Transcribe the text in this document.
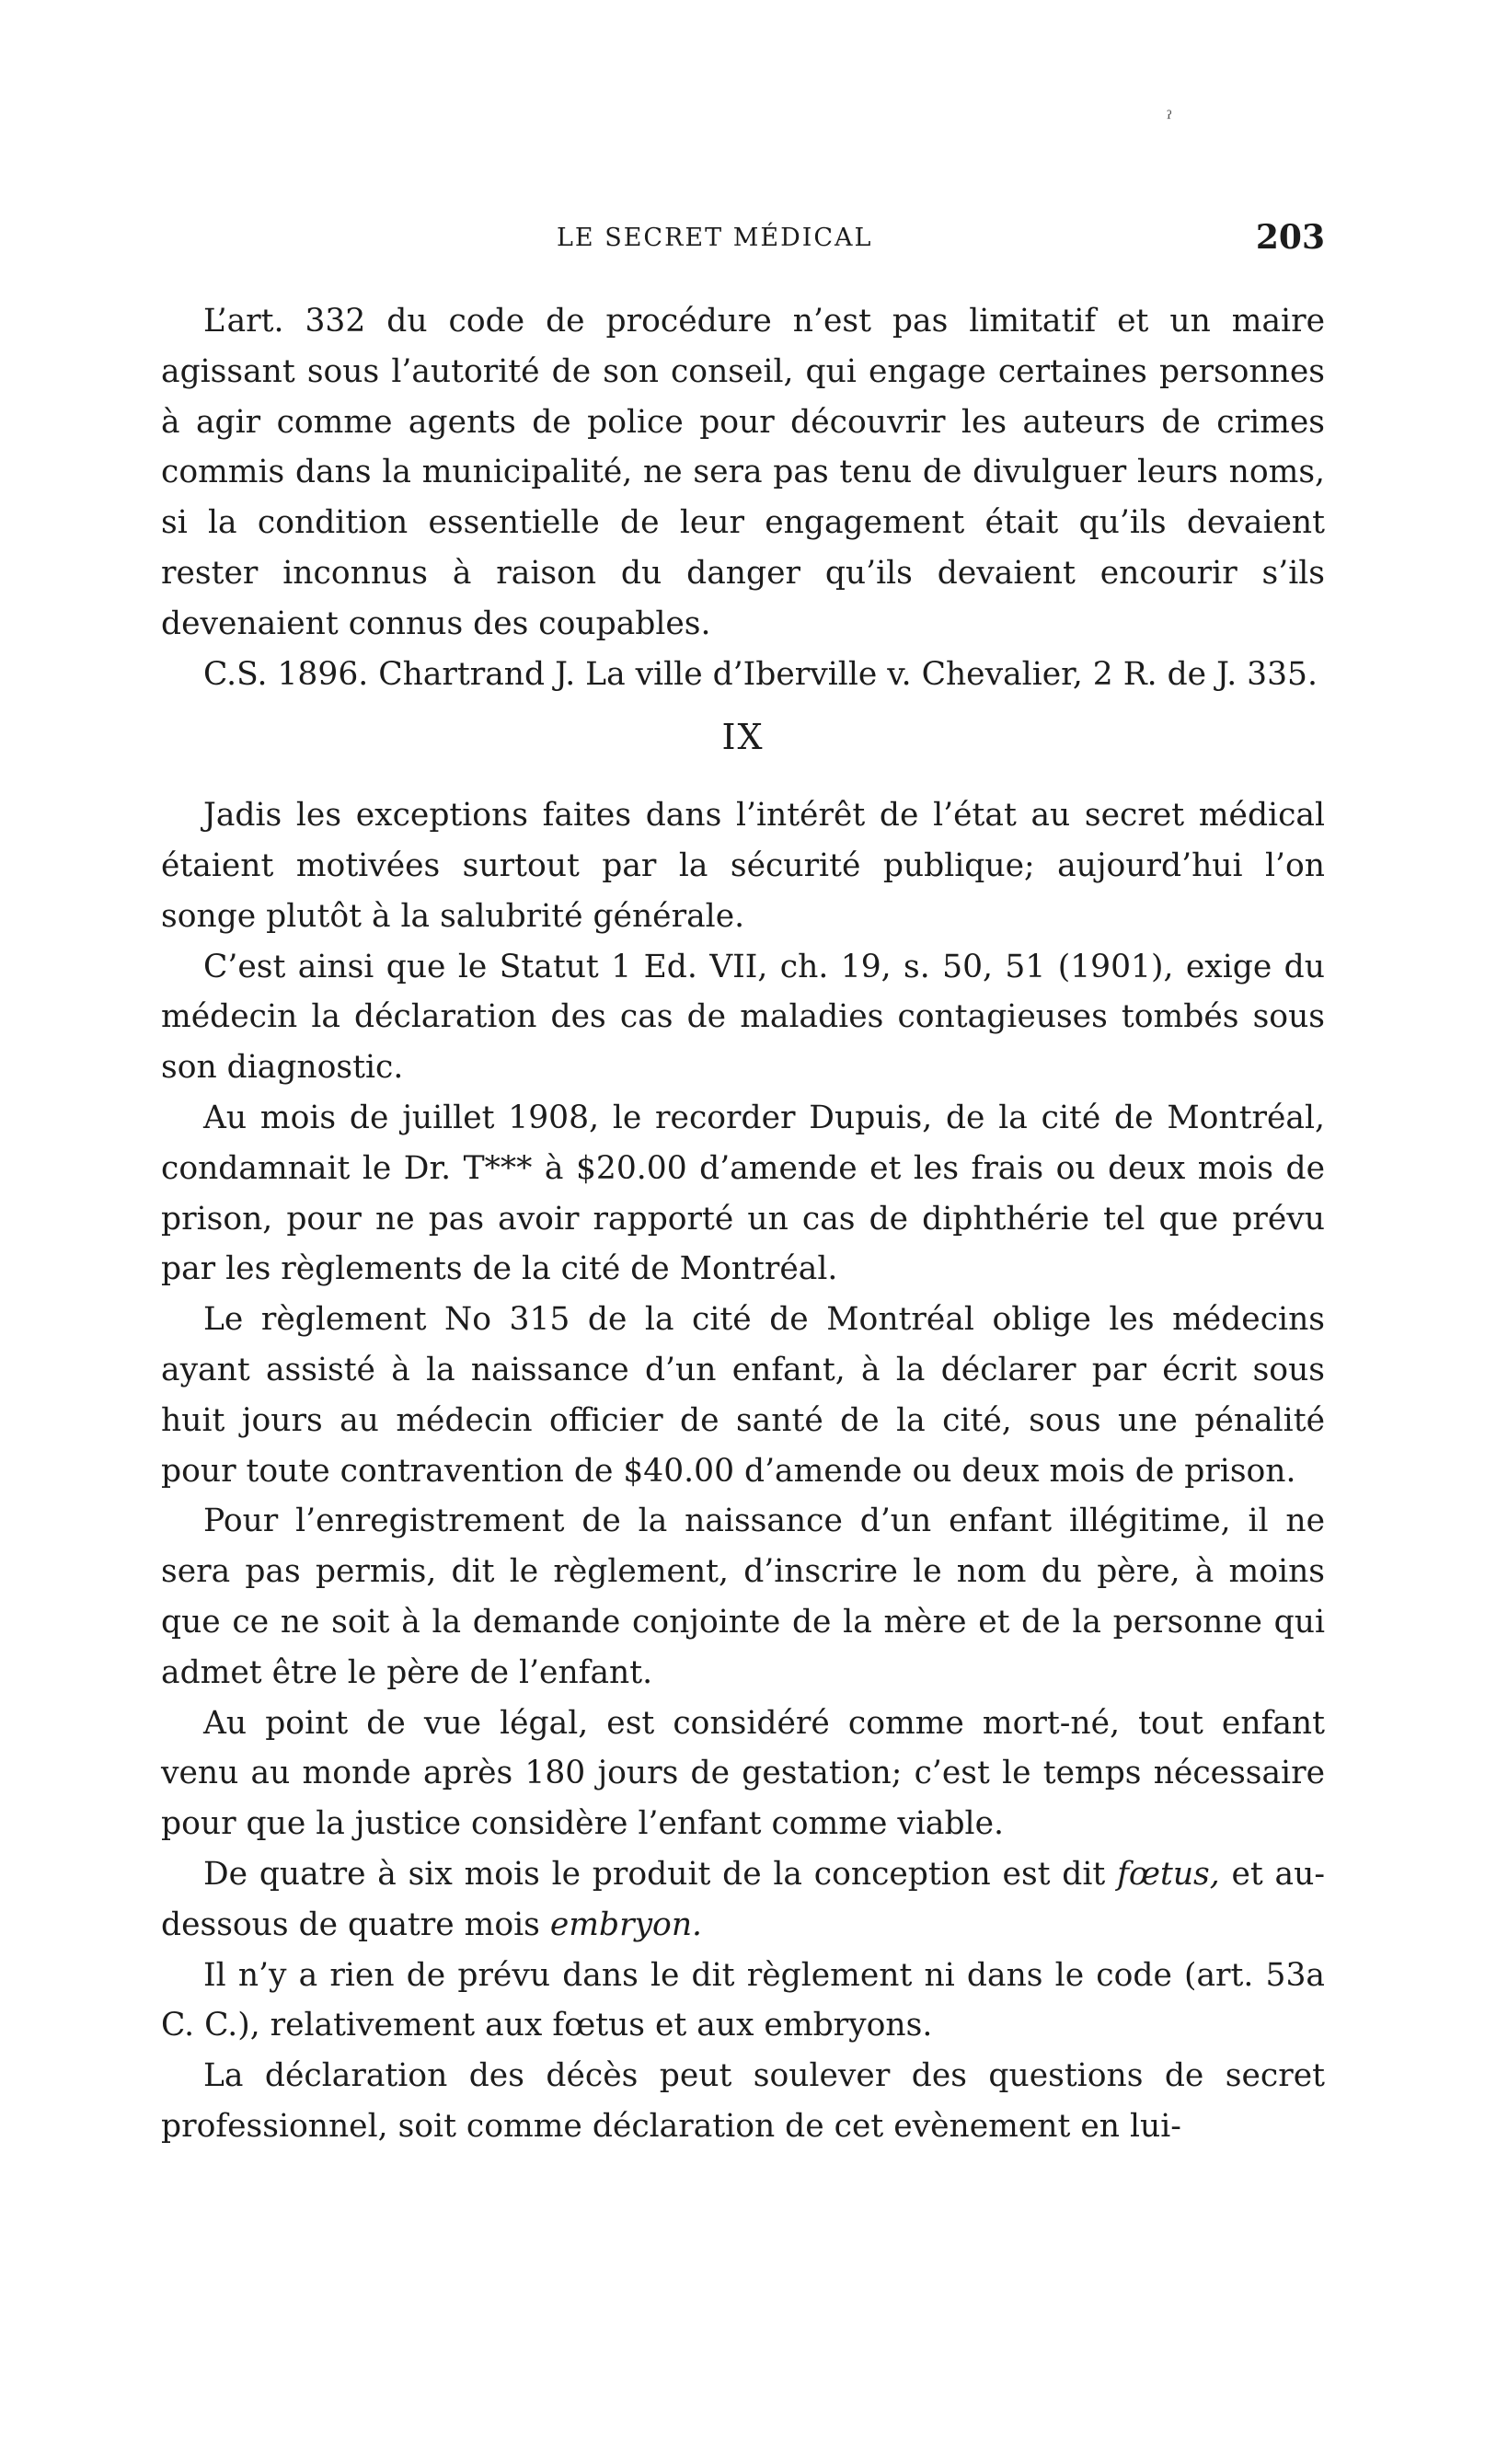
ˀ
LE SECRET MÉDICAL	203

L’art. 332 du code de procédure n’est pas limitatif et un maire agissant sous l’autorité de son conseil, qui engage certaines personnes à agir comme agents de police pour découvrir les auteurs de crimes commis dans la municipalité, ne sera pas tenu de divulguer leurs noms, si la condition essentielle de leur engagement était qu’ils devaient rester inconnus à raison du danger qu’ils devaient encourir s’ils devenaient connus des coupables.

C.S. 1896. Chartrand J. La ville d’Iberville v. Chevalier, 2 R. de J. 335.

IX

Jadis les exceptions faites dans l’intérêt de l’état au secret médical étaient motivées surtout par la sécurité publique; aujourd’hui l’on songe plutôt à la salubrité générale.

C’est ainsi que le Statut 1 Ed. VII, ch. 19, s. 50, 51 (1901), exige du médecin la déclaration des cas de maladies contagieuses tombés sous son diagnostic.

Au mois de juillet 1908, le recorder Dupuis, de la cité de Montréal, condamnait le Dr. T*** à $20.00 d’amende et les frais ou deux mois de prison, pour ne pas avoir rapporté un cas de diphthérie tel que prévu par les règlements de la cité de Montréal.

Le règlement No 315 de la cité de Montréal oblige les médecins ayant assisté à la naissance d’un enfant, à la déclarer par écrit sous huit jours au médecin officier de santé de la cité, sous une pénalité pour toute contravention de $40.00 d’amende ou deux mois de prison.

Pour l’enregistrement de la naissance d’un enfant illégitime, il ne sera pas permis, dit le règlement, d’inscrire le nom du père, à moins que ce ne soit à la demande conjointe de la mère et de la personne qui admet être le père de l’enfant.

Au point de vue légal, est considéré comme mort-né, tout enfant venu au monde après 180 jours de gestation; c’est le temps nécessaire pour que la justice considère l’enfant comme viable.

De quatre à six mois le produit de la conception est dit fœtus, et au-dessous de quatre mois embryon.

Il n’y a rien de prévu dans le dit règlement ni dans le code (art. 53a C. C.), relativement aux fœtus et aux embryons.

La déclaration des décès peut soulever des questions de secret professionnel, soit comme déclaration de cet evènement en lui-
